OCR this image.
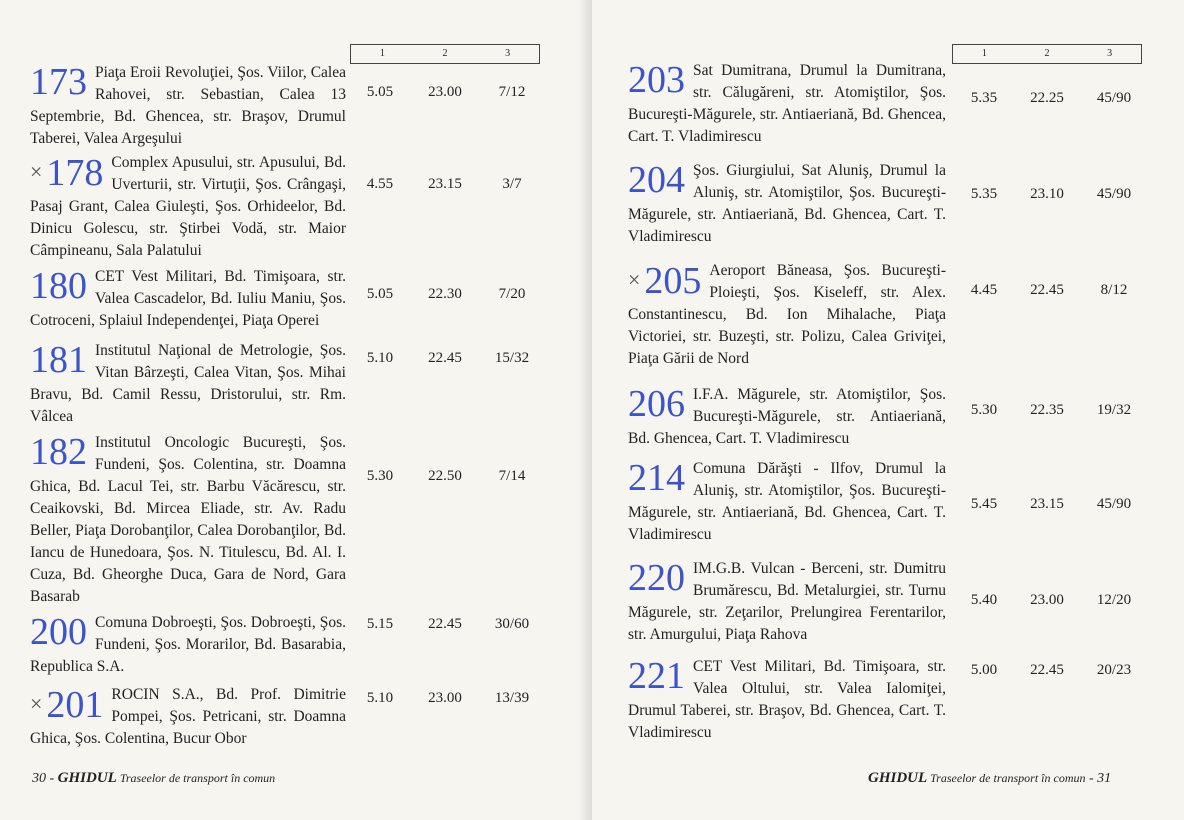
1	2	3
173 Piaţa Eroii Revoluţiei, Şos. Viilor, Calea Rahovei, str. Sebastian, Calea 13 Septembrie, Bd. Ghencea, str. Braşov, Drumul Taberei, Valea Argeşului
5.05	23.00	7/12
× 178 Complex Apusului, str. Apusului, Bd. Uverturii, str. Virtuţii, Şos. Crângaşi, Pasaj Grant, Calea Giuleşti, Şos. Orhideelor, Bd. Dinicu Golescu, str. Ştirbei Vodă, str. Maior Câmpineanu, Sala Palatului
4.55	23.15	3/7
180 CET Vest Militari, Bd. Timişoara, str. Valea Cascadelor, Bd. Iuliu Maniu, Şos. Cotroceni, Splaiul Independenţei, Piaţa Operei
5.05	22.30	7/20
181 Institutul Naţional de Metrologie, Şos. Vitan Bârzeşti, Calea Vitan, Şos. Mihai Bravu, Bd. Camil Ressu, Dristorului, str. Rm. Vâlcea
5.10	22.45 15/32
182 Institutul Oncologic Bucureşti, Şos. Fundeni, Şos. Colentina, str. Doamna Ghica, Bd. Lacul Tei, str. Barbu Văcărescu, str. Ceaikovski, Bd. Mircea Eliade, str. Av. Radu Beller, Piaţa Dorobanţilor, Calea Dorobanţilor, Bd. Iancu de Hunedoara, Şos. N. Titulescu, Bd. Al. I. Cuza, Bd. Gheorghe Duca, Gara de Nord, Gara Basarab
5.30	22.50	7/14
200 Comuna Dobroeşti, Şos. Dobroeşti, Şos. Fundeni, Şos. Morarilor, Bd. Basarabia, Republica S.A.
5.15	22.45 30/60
× 201 ROCIN S.A., Bd. Prof. Dimitrie Pompei, Şos. Petricani, str. Doamna Ghica, Şos. Colentina, Bucur Obor
5.10	23.00 13/39
30 - GHIDUL Traseelor de transport în comun
1	2	3
203 Sat Dumitrana, Drumul la Dumitrana, str. Călugăreni, str. Atomiştilor, Şos. Bucureşti-Măgurele, str. Antiaeriană, Bd. Ghencea, Cart. T. Vladimirescu
5.35	22.25 45/90
204 Şos. Giurgiului, Sat Aluniş, Drumul la Aluniş, str. Atomiştilor, Şos. Bucureşti-Măgurele, str. Antiaeriană, Bd. Ghencea, Cart. T. Vladimirescu
5.35	23.10 45/90
× 205 Aeroport Băneasa, Şos. Bucureşti-Ploieşti, Şos. Kiseleff, str. Alex. Constantinescu, Bd. Ion Mihalache, Piaţa Victoriei, str. Buzeşti, str. Polizu, Calea Griviţei, Piaţa Gării de Nord
4.45	22.45	8/12
206 I.F.A. Măgurele, str. Atomiştilor, Şos. Bucureşti-Măgurele, str. Antiaeriană, Bd. Ghencea, Cart. T. Vladimirescu
5.30	22.35 19/32
214 Comuna Dărăşti - Ilfov, Drumul la Aluniş, str. Atomiştilor, Şos. Bucureşti-Măgurele, str. Antiaeriană, Bd. Ghencea, Cart. T. Vladimirescu
5.45	23.15 45/90
220 IM.G.B. Vulcan - Berceni, str. Dumitru Brumărescu, Bd. Metalurgiei, str. Turnu Măgurele, str. Zeţarilor, Prelungirea Ferentarilor, str. Amurgului, Piaţa Rahova
5.40	23.00 12/20
221 CET Vest Militari, Bd. Timişoara, str. Valea Oltului, str. Valea Ialomiţei, Drumul Taberei, str. Braşov, Bd. Ghencea, Cart. T. Vladimirescu
5.00	22.45 20/23
GHIDUL Traseelor de transport în comun - 31
